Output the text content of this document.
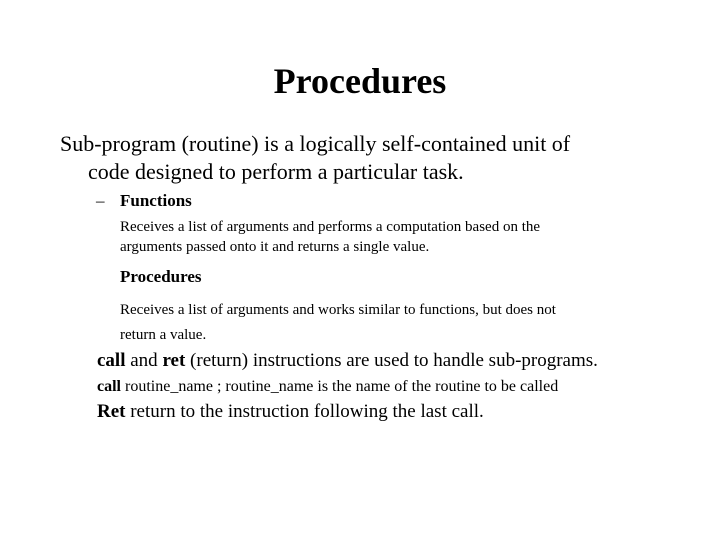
Procedures
Sub-program (routine) is a logically self-contained unit of
code designed to perform a particular task.
– Functions
Receives a list of arguments and performs a computation based on the
arguments passed onto it and returns a single value.
Procedures
Receives a list of arguments and works similar to functions, but does not
return a value.
call and ret (return) instructions are used to handle sub-programs.
call routine_name ; routine_name is the name of the routine to be called
Ret return to the instruction following the last call.
